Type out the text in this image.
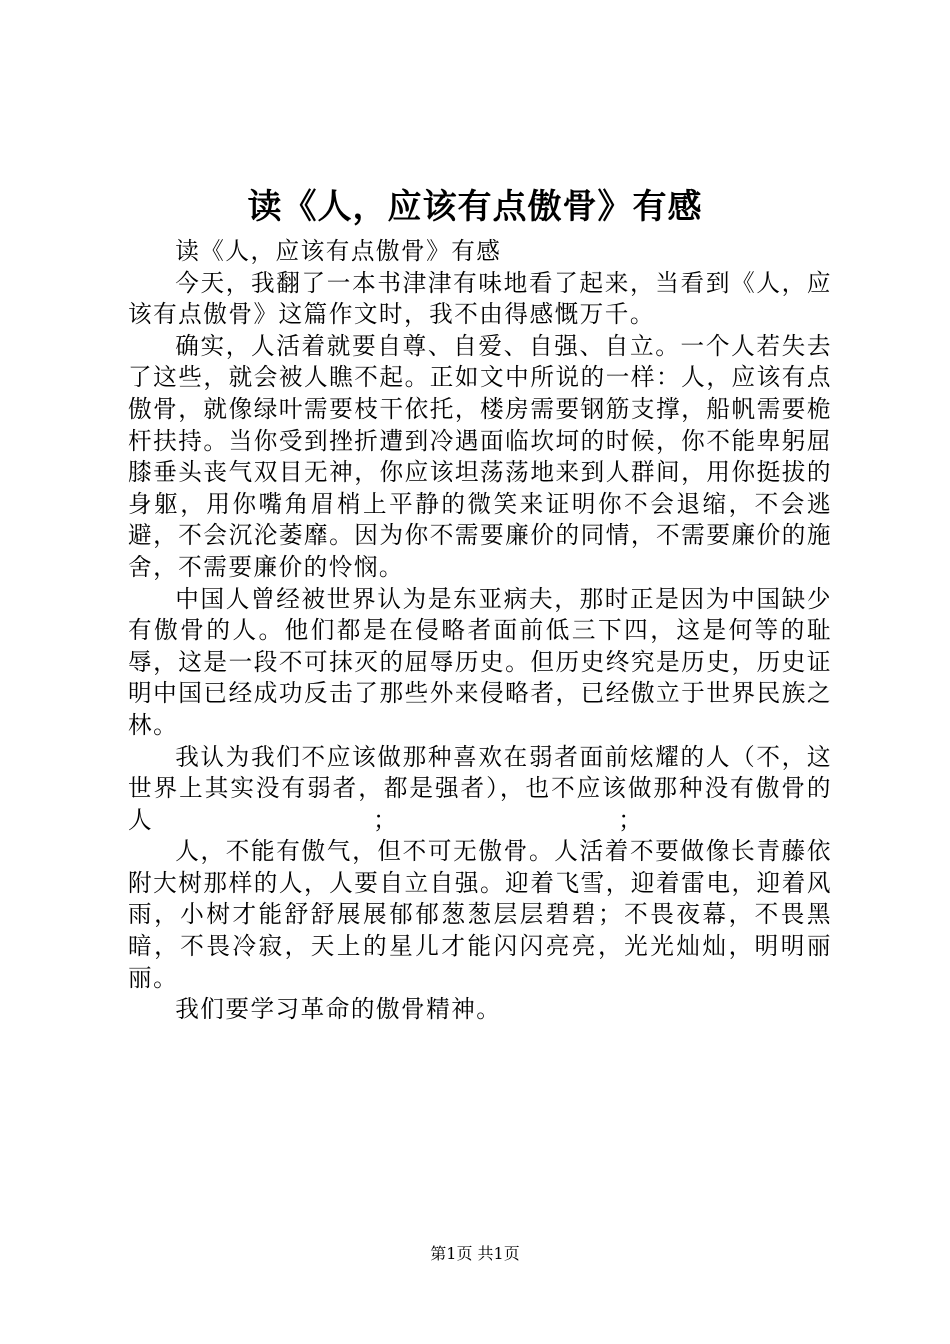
读《人，应该有点傲骨》有感

读《人，应该有点傲骨》有感

今天，我翻了一本书津津有味地看了起来，当看到《人，应该有点傲骨》这篇作文时，我不由得感慨万千。

确实，人活着就要自尊、自爱、自强、自立。一个人若失去了这些，就会被人瞧不起。正如文中所说的一样：人，应该有点傲骨，就像绿叶需要枝干依托，楼房需要钢筋支撑，船帆需要桅杆扶持。当你受到挫折遭到冷遇面临坎坷的时候，你不能卑躬屈膝垂头丧气双目无神，你应该坦荡荡地来到人群间，用你挺拔的身躯，用你嘴角眉梢上平静的微笑来证明你不会退缩，不会逃避，不会沉沦萎靡。因为你不需要廉价的同情，不需要廉价的施舍，不需要廉价的怜悯。

中国人曾经被世界认为是东亚病夫，那时正是因为中国缺少有傲骨的人。他们都是在侵略者面前低三下四，这是何等的耻辱，这是一段不可抹灭的屈辱历史。但历史终究是历史，历史证明中国已经成功反击了那些外来侵略者，已经傲立于世界民族之林。

我认为我们不应该做那种喜欢在弱者面前炫耀的人（不，这世界上其实没有弱者，都是强者），也不应该做那种没有傲骨的人	；	；

人，不能有傲气，但不可无傲骨。人活着不要做像长青藤依附大树那样的人，人要自立自强。迎着飞雪，迎着雷电，迎着风雨，小树才能舒舒展展郁郁葱葱层层碧碧；不畏夜幕，不畏黑暗，不畏冷寂，天上的星儿才能闪闪亮亮，光光灿灿，明明丽丽。

我们要学习革命的傲骨精神。

第1页 共1页
